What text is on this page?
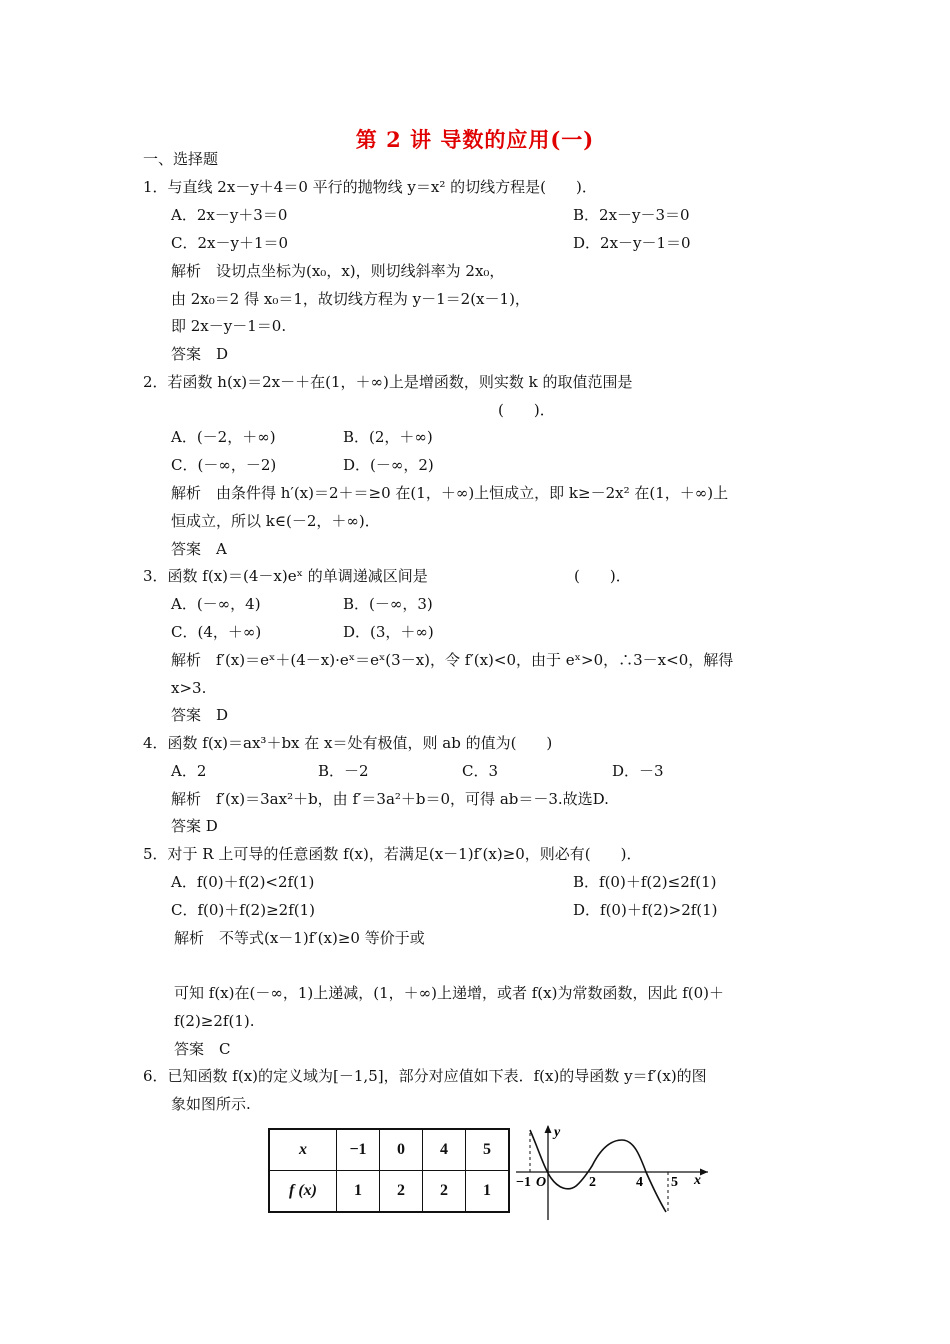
第 2 讲 导数的应用(一)
一、选择题
1．与直线 2x－y＋4＝0 平行的抛物线 y＝x² 的切线方程是(　　)．
A．2x－y＋3＝0	B．2x－y－3＝0
C．2x－y＋1＝0	D．2x－y－1＝0
解析　设切点坐标为(x₀，x)，则切线斜率为 2x₀，
由 2x₀＝2 得 x₀＝1，故切线方程为 y－1＝2(x－1)，
即 2x－y－1＝0.
答案　D
2．若函数 h(x)＝2x－＋在(1，＋∞)上是增函数，则实数 k 的取值范围是
(　　)．
A．(－2，＋∞)	B．(2，＋∞)
C．(－∞，－2)	D．(－∞，2)
解析　由条件得 h′(x)＝2＋＝≥0 在(1，＋∞)上恒成立，即 k≥－2x² 在(1，＋∞)上
恒成立，所以 k∈(－2，＋∞)．
答案　A
3．函数 f(x)＝(4－x)eˣ 的单调递减区间是	(　　)．
A．(－∞，4)	B．(－∞，3)
C．(4，＋∞)	D．(3，＋∞)
解析　f′(x)＝eˣ＋(4－x)·eˣ＝eˣ(3－x)，令 f′(x)<0，由于 eˣ>0，∴3－x<0，解得
x>3.
答案　D
4．函数 f(x)＝ax³＋bx 在 x＝处有极值，则 ab 的值为(　　)
A．2	B．－2	C．3	D．－3
解析　f′(x)＝3ax²＋b，由 f′＝3a²＋b＝0，可得 ab＝－3.故选D.
答案 D
5．对于 R 上可导的任意函数 f(x)，若满足(x－1)f′(x)≥0，则必有(　　)．
A．f(0)＋f(2)<2f(1)	B．f(0)＋f(2)≤2f(1)
C．f(0)＋f(2)≥2f(1)	D．f(0)＋f(2)>2f(1)
解析　不等式(x－1)f′(x)≥0 等价于或
可知 f(x)在(－∞，1)上递减，(1，＋∞)上递增，或者 f(x)为常数函数，因此 f(0)＋
f(2)≥2f(1).
答案　C
6．已知函数 f(x)的定义域为[－1,5]，部分对应值如下表．f(x)的导函数 y＝f′(x)的图
象如图所示.
x	−1	0	4	5
f (x)	1	2	2	1
y
x
−1 O	2	4 5
